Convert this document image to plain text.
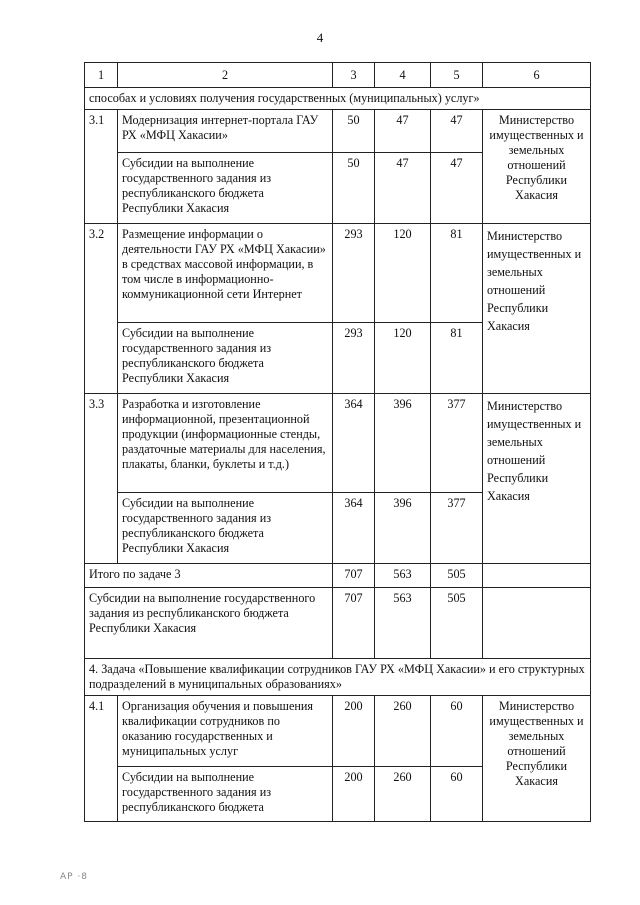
4
1	2	3	4	5	6
способах и условиях получения государственных (муниципальных) услуг»					
3.1	Модернизация интернет-портала ГАУ РХ «МФЦ Хакасии»	50	47	47	Министерство имущественных и земельных отношений Республики Хакасия
	Субсидии на выполнение государственного задания из республиканского бюджета Республики Хакасия	50	47	47	
3.2	Размещение информации о деятельности ГАУ РХ «МФЦ Хакасии» в средствах массовой информации, в том числе в информационно-коммуникационной сети Интернет	293	120	81	Министерство имущественных и земельных отношений Республики Хакасия
	Субсидии на выполнение государственного задания из республиканского бюджета Республики Хакасия	293	120	81	
3.3	Разработка и изготовление информационной, презентационной продукции (информационные стенды, раздаточные материалы для населения, плакаты, бланки, буклеты и т.д.)	364	396	377	Министерство имущественных и земельных отношений Республики Хакасия
	Субсидии на выполнение государственного задания из республиканского бюджета Республики Хакасия	364	396	377	
Итого по задаче 3		707	563	505	
Субсидии на выполнение государственного задания из республиканского бюджета Республики Хакасия		707	563	505	
4. Задача «Повышение квалификации сотрудников ГАУ РХ «МФЦ Хакасии» и его структурных подразделений в муниципальных образованиях»					
4.1	Организация обучения и повышения квалификации сотрудников по оказанию государственных и муниципальных услуг	200	260	60	Министерство имущественных и земельных отношений Республики Хакасия
	Субсидии на выполнение государственного задания из республиканского бюджета	200	260	60	
АР ·8
